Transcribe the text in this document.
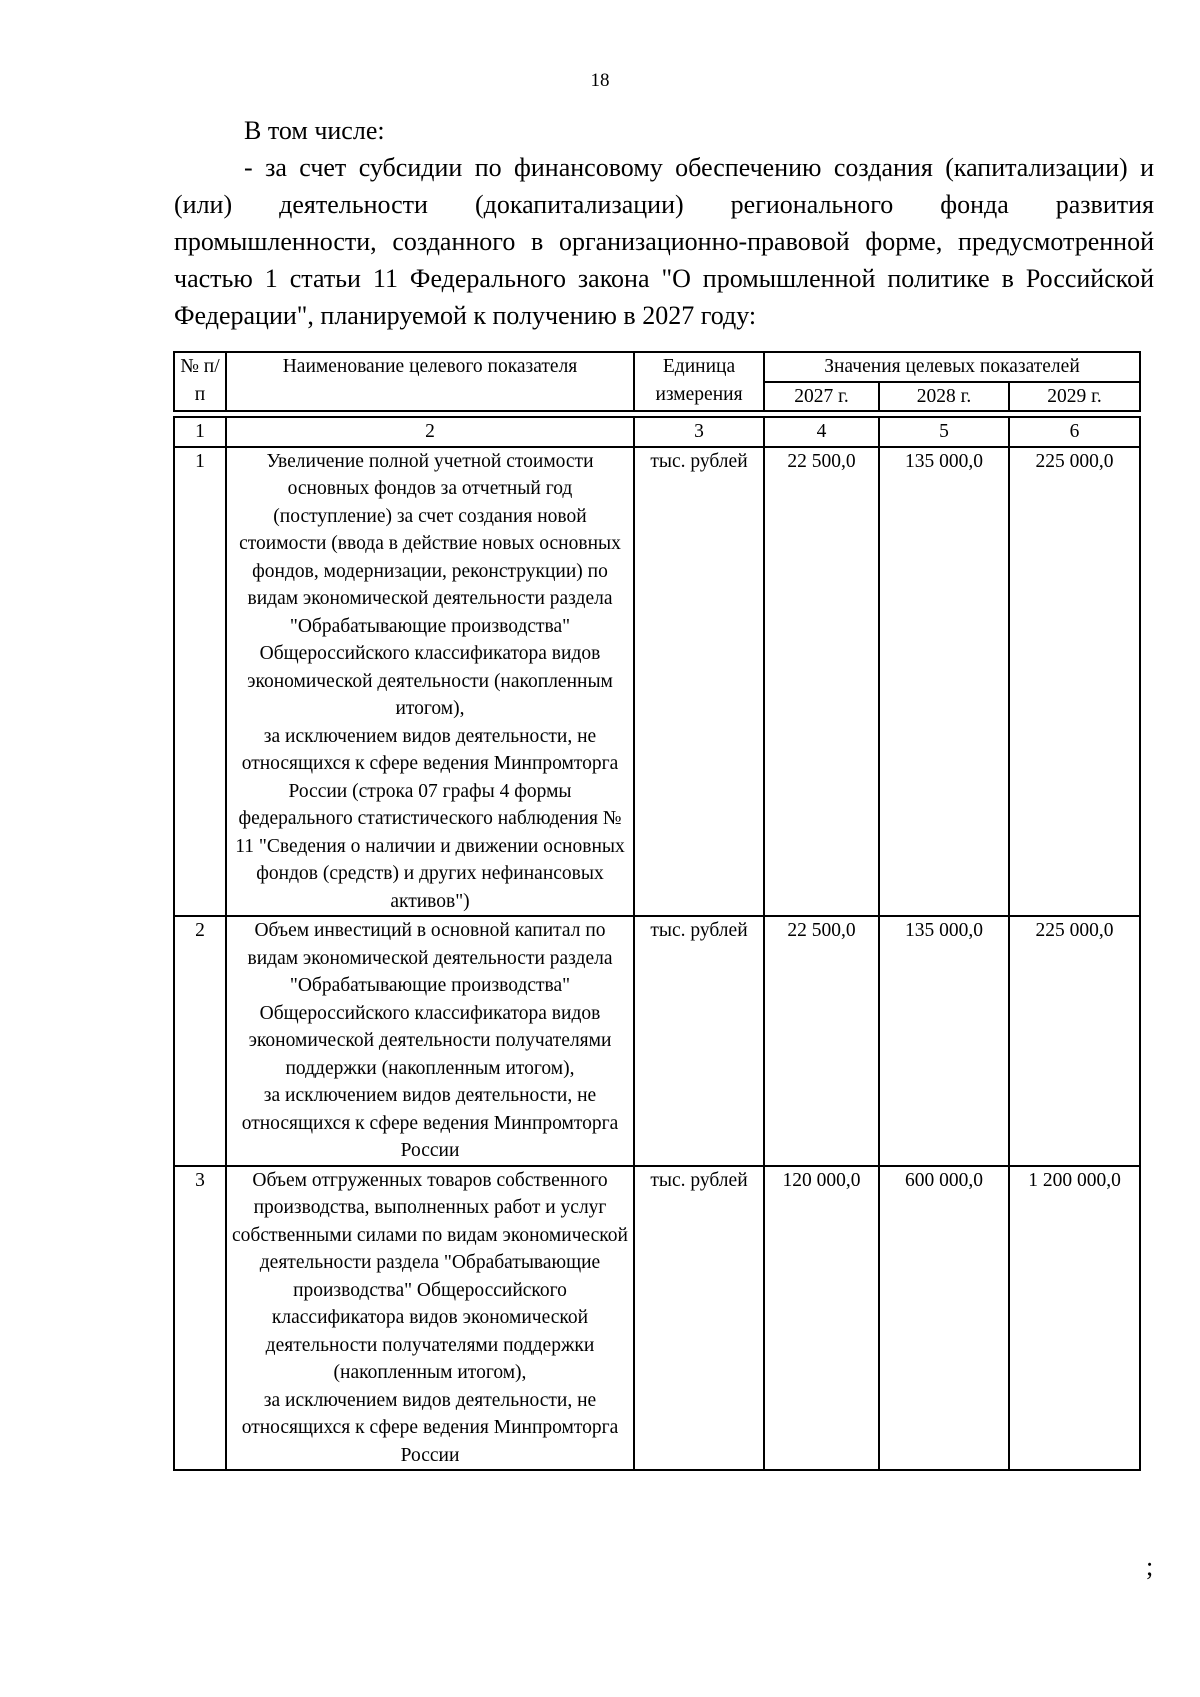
18

В том числе:

- за счет субсидии по финансовому обеспечению создания (капитализации) и (или) деятельности (докапитализации) регионального фонда развития промышленности, созданного в организационно-правовой форме, предусмотренной частью 1 статьи 11 Федерального закона "О промышленной политике в Российской Федерации", планируемой к получению в 2027 году:

№ п/п	Наименование целевого показателя	Единица измерения	Значения целевых показателей		
			2027 г.	2028 г.	2029 г.

1	2	3	4	5	6
1	Увеличение полной учетной стоимости основных фондов за отчетный год (поступление) за счет создания новой стоимости (ввода в действие новых основных фондов, модернизации, реконструкции) по видам экономической деятельности раздела "Обрабатывающие производства" Общероссийского классификатора видов экономической деятельности (накопленным итогом),
за исключением видов деятельности, не относящихся к сфере ведения Минпромторга России (строка 07 графы 4 формы федерального статистического наблюдения № 11 "Сведения о наличии и движении основных фондов (средств) и других нефинансовых активов")	тыс. рублей	22 500,0	135 000,0	225 000,0
2	Объем инвестиций в основной капитал по видам экономической деятельности раздела "Обрабатывающие производства" Общероссийского классификатора видов экономической деятельности получателями поддержки (накопленным итогом),
за исключением видов деятельности, не относящихся к сфере ведения Минпромторга России	тыс. рублей	22 500,0	135 000,0	225 000,0
3	Объем отгруженных товаров собственного производства, выполненных работ и услуг собственными силами по видам экономической деятельности раздела "Обрабатывающие производства" Общероссийского классификатора видов экономической деятельности получателями поддержки (накопленным итогом),
за исключением видов деятельности, не относящихся к сфере ведения Минпромторга России	тыс. рублей	120 000,0	600 000,0	1 200 000,0
;
